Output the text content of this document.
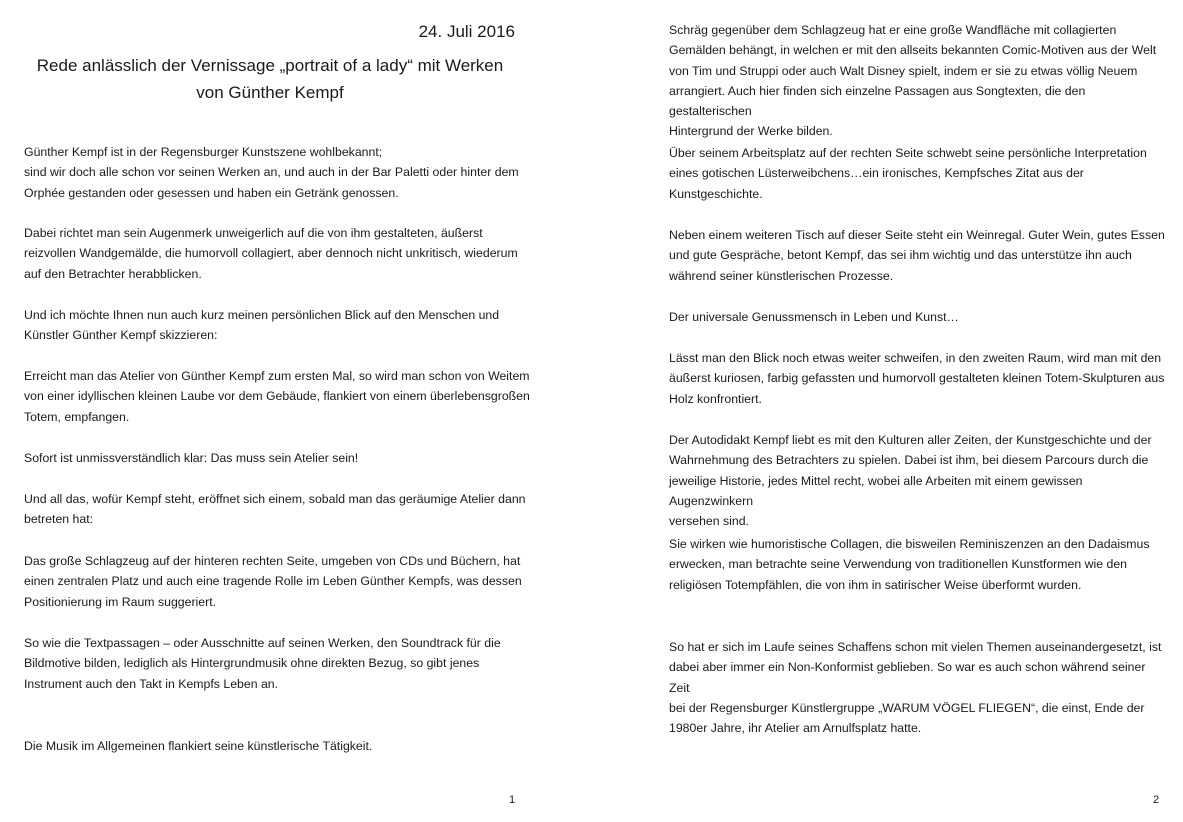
24. Juli 2016

Rede anlässlich der Vernissage „portrait of a lady“ mit Werken
von Günther Kempf

Günther Kempf ist in der Regensburger Kunstszene wohlbekannt;
sind wir doch alle schon vor seinen Werken an, und auch in der Bar Paletti oder hinter dem
Orphée gestanden oder gesessen und haben ein Getränk genossen.

Dabei richtet man sein Augenmerk unweigerlich auf die von ihm gestalteten, äußerst
reizvollen Wandgemälde, die humorvoll collagiert, aber dennoch nicht unkritisch, wiederum
auf den Betrachter herabblicken.

Und ich möchte Ihnen nun auch kurz meinen persönlichen Blick auf den Menschen und
Künstler Günther Kempf skizzieren:

Erreicht man das Atelier von Günther Kempf zum ersten Mal, so wird man schon von Weitem
von einer idyllischen kleinen Laube vor dem Gebäude, flankiert von einem überlebensgroßen
Totem, empfangen.

Sofort ist unmissverständlich klar: Das muss sein Atelier sein!

Und all das, wofür Kempf steht, eröffnet sich einem, sobald man das geräumige Atelier dann
betreten hat:

Das große Schlagzeug auf der hinteren rechten Seite, umgeben von CDs und Büchern, hat
einen zentralen Platz und auch eine tragende Rolle im Leben Günther Kempfs, was dessen
Positionierung im Raum suggeriert.

So wie die Textpassagen – oder Ausschnitte auf seinen Werken, den Soundtrack für die
Bildmotive bilden, lediglich als Hintergrundmusik ohne direkten Bezug, so gibt jenes
Instrument auch den Takt in Kempfs Leben an.

Die Musik im Allgemeinen flankiert seine künstlerische Tätigkeit.

1

Schräg gegenüber dem Schlagzeug hat er eine große Wandfläche mit collagierten
Gemälden behängt, in welchen er mit den allseits bekannten Comic-Motiven aus der Welt
von Tim und Struppi oder auch Walt Disney spielt, indem er sie zu etwas völlig Neuem
arrangiert. Auch hier finden sich einzelne Passagen aus Songtexten, die den gestalterischen
Hintergrund der Werke bilden.

Über seinem Arbeitsplatz auf der rechten Seite schwebt seine persönliche Interpretation
eines gotischen Lüsterweibchens…ein ironisches, Kempfsches Zitat aus der
Kunstgeschichte.

Neben einem weiteren Tisch auf dieser Seite steht ein Weinregal. Guter Wein, gutes Essen
und gute Gespräche, betont Kempf, das sei ihm wichtig und das unterstütze ihn auch
während seiner künstlerischen Prozesse.

Der universale Genussmensch in Leben und Kunst…

Lässt man den Blick noch etwas weiter schweifen, in den zweiten Raum, wird man mit den
äußerst kuriosen, farbig gefassten und humorvoll gestalteten kleinen Totem-Skulpturen aus
Holz konfrontiert.

Der Autodidakt Kempf liebt es mit den Kulturen aller Zeiten, der Kunstgeschichte und der
Wahrnehmung des Betrachters zu spielen. Dabei ist ihm, bei diesem Parcours durch die
jeweilige Historie, jedes Mittel recht, wobei alle Arbeiten mit einem gewissen Augenzwinkern
versehen sind.

Sie wirken wie humoristische Collagen, die bisweilen Reminiszenzen an den Dadaismus
erwecken, man betrachte seine Verwendung von traditionellen Kunstformen wie den
religiösen Totempfählen, die von ihm in satirischer Weise überformt wurden.

So hat er sich im Laufe seines Schaffens schon mit vielen Themen auseinandergesetzt, ist
dabei aber immer ein Non-Konformist geblieben. So war es auch schon während seiner Zeit
bei der Regensburger Künstlergruppe „WARUM VÖGEL FLIEGEN“, die einst, Ende der
1980er Jahre, ihr Atelier am Arnulfsplatz hatte.

2
